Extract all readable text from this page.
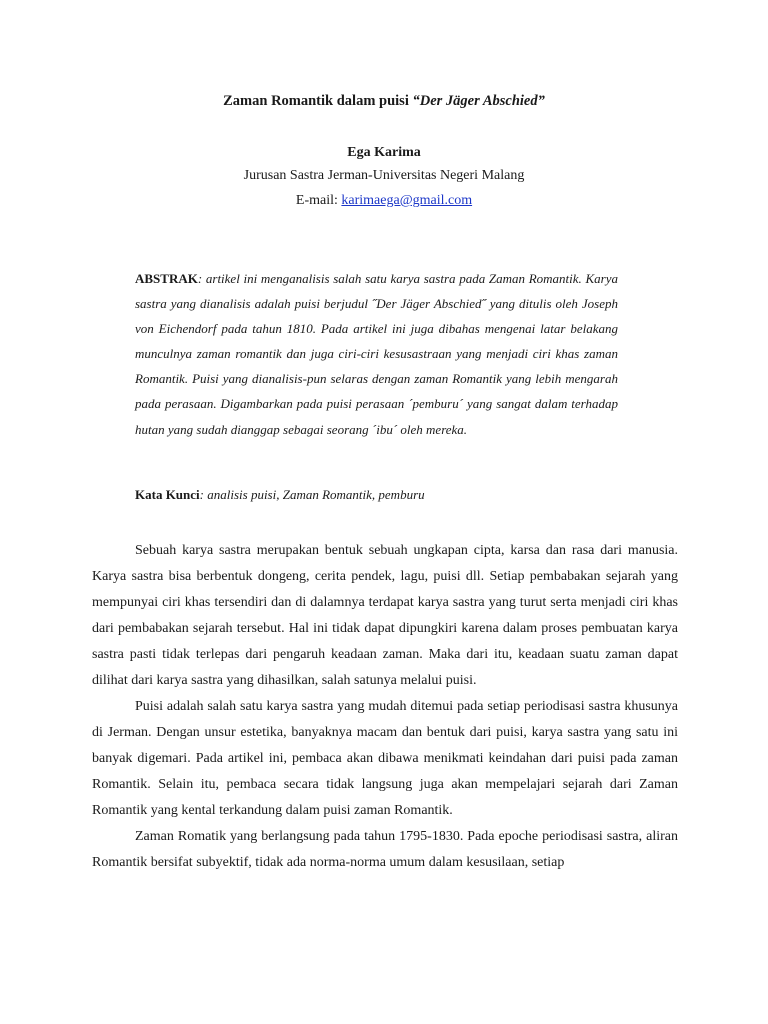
Zaman Romantik dalam puisi “Der Jäger Abschied”
Ega Karima
Jurusan Sastra Jerman-Universitas Negeri Malang
E-mail: karimaega@gmail.com
ABSTRAK: artikel ini menganalisis salah satu karya sastra pada Zaman Romantik. Karya sastra yang dianalisis adalah puisi berjudul ˝Der Jäger Abschied˝ yang ditulis oleh Joseph von Eichendorf pada tahun 1810. Pada artikel ini juga dibahas mengenai latar belakang munculnya zaman romantik dan juga ciri-ciri kesusastraan yang menjadi ciri khas zaman Romantik. Puisi yang dianalisis-pun selaras dengan zaman Romantik yang lebih mengarah pada perasaan. Digambarkan pada puisi perasaan ´pemburu´ yang sangat dalam terhadap hutan yang sudah dianggap sebagai seorang ´ibu´ oleh mereka.
Kata Kunci: analisis puisi, Zaman Romantik, pemburu

Sebuah karya sastra merupakan bentuk sebuah ungkapan cipta, karsa dan rasa dari manusia. Karya sastra bisa berbentuk dongeng, cerita pendek, lagu, puisi dll. Setiap pembabakan sejarah yang mempunyai ciri khas tersendiri dan di dalamnya terdapat karya sastra yang turut serta menjadi ciri khas dari pembabakan sejarah tersebut. Hal ini tidak dapat dipungkiri karena dalam proses pembuatan karya sastra pasti tidak terlepas dari pengaruh keadaan zaman. Maka dari itu, keadaan suatu zaman dapat dilihat dari karya sastra yang dihasilkan, salah satunya melalui puisi.

Puisi adalah salah satu karya sastra yang mudah ditemui pada setiap periodisasi sastra khusunya di Jerman. Dengan unsur estetika, banyaknya macam dan bentuk dari puisi, karya sastra yang satu ini banyak digemari. Pada artikel ini, pembaca akan dibawa menikmati keindahan dari puisi pada zaman Romantik. Selain itu, pembaca secara tidak langsung juga akan mempelajari sejarah dari Zaman Romantik yang kental terkandung dalam puisi zaman Romantik.

Zaman Romatik yang berlangsung pada tahun 1795-1830. Pada epoche periodisasi sastra, aliran Romantik bersifat subyektif, tidak ada norma-norma umum dalam kesusilaan, setiap
